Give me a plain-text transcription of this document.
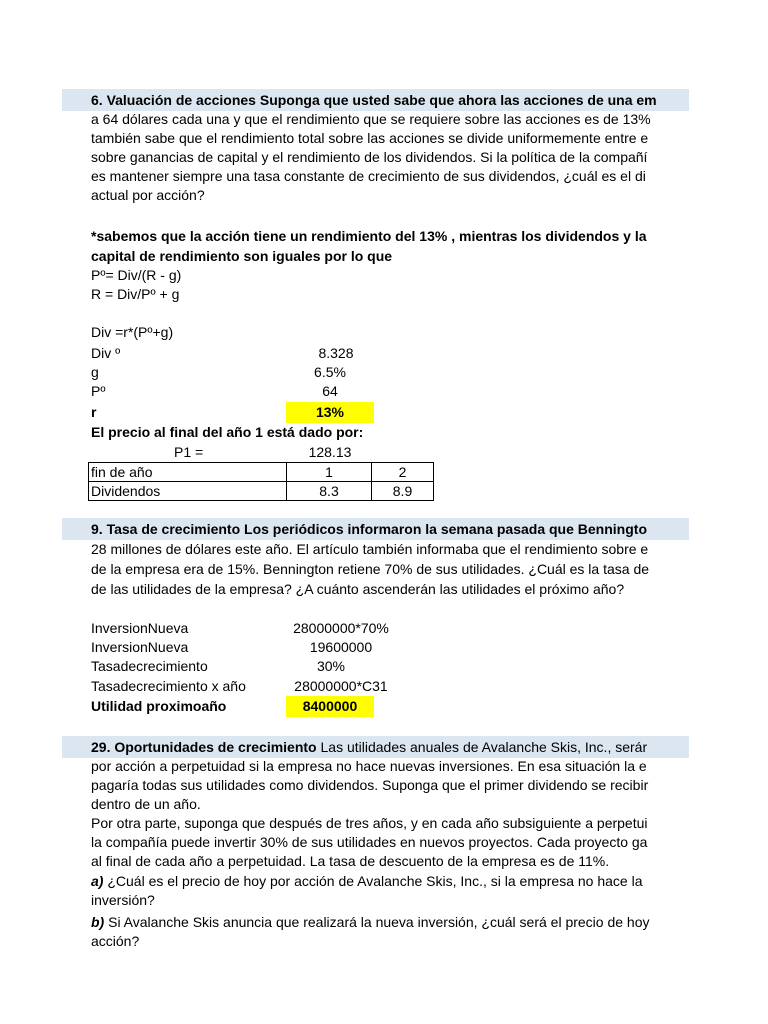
6. Valuación de acciones Suponga que usted sabe que ahora las acciones de una em
a 64 dólares cada una y que el rendimiento que se requiere sobre las acciones es de 13%
también sabe que el rendimiento total sobre las acciones se divide uniformemente entre e
sobre ganancias de capital y el rendimiento de los dividendos. Si la política de la compañí
es mantener siempre una tasa constante de crecimiento de sus dividendos, ¿cuál es el di
actual por acción?
*sabemos que la acción tiene un rendimiento del 13% , mientras los dividendos y la
capital de rendimiento son iguales por lo que
Pº= Div/(R - g)
R = Div/Pº + g
Div =r*(Pº+g)
Div º	8.328
g	6.5%
Pº	64
r	13%
El precio al final del año 1 está dado por:
P1 =	128.13
fin de año	1	2
Dividendos	8.3	8.9
9. Tasa de crecimiento Los periódicos informaron la semana pasada que Benningto
28 millones de dólares este año. El artículo también informaba que el rendimiento sobre e
de la empresa era de 15%. Bennington retiene 70% de sus utilidades. ¿Cuál es la tasa de
de las utilidades de la empresa? ¿A cuánto ascenderán las utilidades el próximo año?
InversionNueva	28000000*70%
InversionNueva	19600000
Tasadecrecimiento	30%
Tasadecrecimiento x año	28000000*C31
Utilidad proximoaño	8400000
29. Oportunidades de crecimiento Las utilidades anuales de Avalanche Skis, Inc., serár
por acción a perpetuidad si la empresa no hace nuevas inversiones. En esa situación la e
pagaría todas sus utilidades como dividendos. Suponga que el primer dividendo se recibir
dentro de un año.
Por otra parte, suponga que después de tres años, y en cada año subsiguiente a perpetui
la compañía puede invertir 30% de sus utilidades en nuevos proyectos. Cada proyecto ga
al final de cada año a perpetuidad. La tasa de descuento de la empresa es de 11%.
a) ¿Cuál es el precio de hoy por acción de Avalanche Skis, Inc., si la empresa no hace la
inversión?
b) Si Avalanche Skis anuncia que realizará la nueva inversión, ¿cuál será el precio de hoy
acción?
